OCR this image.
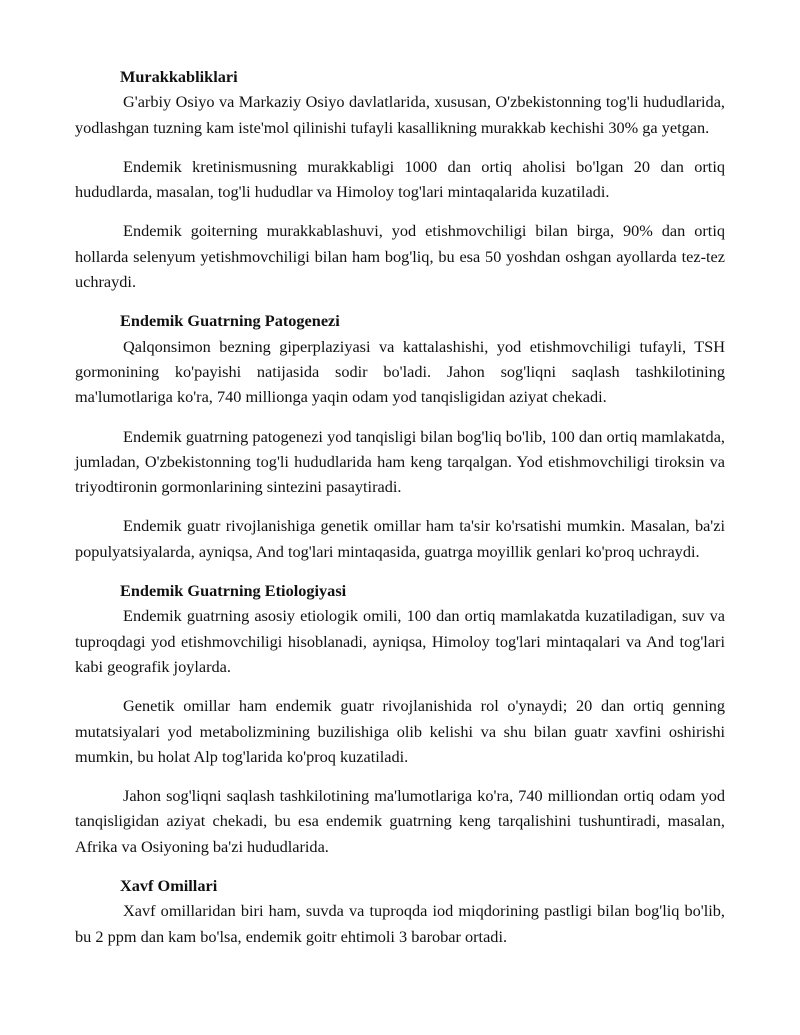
Murakkabliklari

G'arbiy Osiyo va Markaziy Osiyo davlatlarida, xususan, O'zbekistonning tog'li hududlarida, yodlashgan tuzning kam iste'mol qilinishi tufayli kasallikning murakkab kechishi 30% ga yetgan.

Endemik kretinismusning murakkabligi 1000 dan ortiq aholisi bo'lgan 20 dan ortiq hududlarda, masalan, tog'li hududlar va Himoloy tog'lari mintaqalarida kuzatiladi.

Endemik goiterning murakkablashuvi, yod etishmovchiligi bilan birga, 90% dan ortiq hollarda selenyum yetishmovchiligi bilan ham bog'liq, bu esa 50 yoshdan oshgan ayollarda tez-tez uchraydi.

Endemik Guatrning Patogenezi

Qalqonsimon bezning giperplaziyasi va kattalashishi, yod etishmovchiligi tufayli, TSH gormonining ko'payishi natijasida sodir bo'ladi. Jahon sog'liqni saqlash tashkilotining ma'lumotlariga ko'ra, 740 millionga yaqin odam yod tanqisligidan aziyat chekadi.

Endemik guatrning patogenezi yod tanqisligi bilan bog'liq bo'lib, 100 dan ortiq mamlakatda, jumladan, O'zbekistonning tog'li hududlarida ham keng tarqalgan. Yod etishmovchiligi tiroksin va triyodtironin gormonlarining sintezini pasaytiradi.

Endemik guatr rivojlanishiga genetik omillar ham ta'sir ko'rsatishi mumkin. Masalan, ba'zi populyatsiyalarda, ayniqsa, And tog'lari mintaqasida, guatrga moyillik genlari ko'proq uchraydi.

Endemik Guatrning Etiologiyasi

Endemik guatrning asosiy etiologik omili, 100 dan ortiq mamlakatda kuzatiladigan, suv va tuproqdagi yod etishmovchiligi hisoblanadi, ayniqsa, Himoloy tog'lari mintaqalari va And tog'lari kabi geografik joylarda.

Genetik omillar ham endemik guatr rivojlanishida rol o'ynaydi; 20 dan ortiq genning mutatsiyalari yod metabolizmining buzilishiga olib kelishi va shu bilan guatr xavfini oshirishi mumkin, bu holat Alp tog'larida ko'proq kuzatiladi.

Jahon sog'liqni saqlash tashkilotining ma'lumotlariga ko'ra, 740 milliondan ortiq odam yod tanqisligidan aziyat chekadi, bu esa endemik guatrning keng tarqalishini tushuntiradi, masalan, Afrika va Osiyoning ba'zi hududlarida.

Xavf Omillari

Xavf omillaridan biri ham, suvda va tuproqda iod miqdorining pastligi bilan bog'liq bo'lib, bu 2 ppm dan kam bo'lsa, endemik goitr ehtimoli 3 barobar ortadi.
